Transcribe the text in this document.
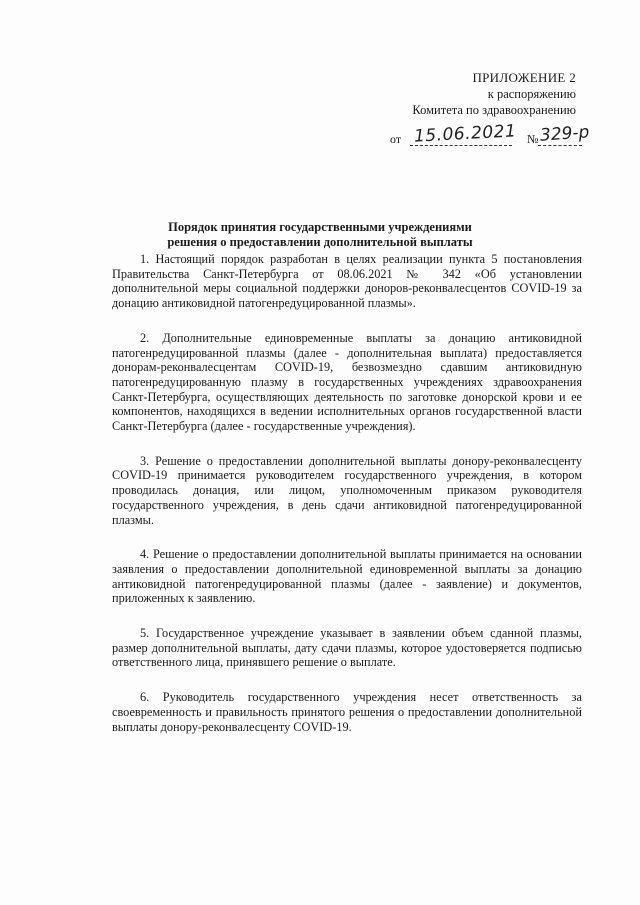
ПРИЛОЖЕНИЕ 2
к распоряжению
Комитета по здравоохранению
от 15.06.2021 № 329-р
Порядок принятия государственными учреждениями
решения о предоставлении дополнительной выплаты

1. Настоящий порядок разработан в целях реализации пункта 5 постановления Правительства Санкт-Петербурга от 08.06.2021 № 342 «Об установлении дополнительной меры социальной поддержки доноров-реконвалесцентов COVID-19 за донацию антиковидной патогенредуцированной плазмы».

2. Дополнительные единовременные выплаты за донацию антиковидной патогенредуцированной плазмы (далее - дополнительная выплата) предоставляется донорам-реконвалесцентам COVID-19, безвозмездно сдавшим антиковидную патогенредуцированную плазму в государственных учреждениях здравоохранения Санкт-Петербурга, осуществляющих деятельность по заготовке донорской крови и ее компонентов, находящихся в ведении исполнительных органов государственной власти Санкт-Петербурга (далее - государственные учреждения).

3. Решение о предоставлении дополнительной выплаты донору-реконвалесценту COVID-19 принимается руководителем государственного учреждения, в котором проводилась донация, или лицом, уполномоченным приказом руководителя государственного учреждения, в день сдачи антиковидной патогенредуцированной плазмы.

4. Решение о предоставлении дополнительной выплаты принимается на основании заявления о предоставлении дополнительной единовременной выплаты за донацию антиковидной патогенредуцированной плазмы (далее - заявление) и документов, приложенных к заявлению.

5. Государственное учреждение указывает в заявлении объем сданной плазмы, размер дополнительной выплаты, дату сдачи плазмы, которое удостоверяется подписью ответственного лица, принявшего решение о выплате.

6. Руководитель государственного учреждения несет ответственность за своевременность и правильность принятого решения о предоставлении дополнительной выплаты донору-реконвалесценту COVID-19.
